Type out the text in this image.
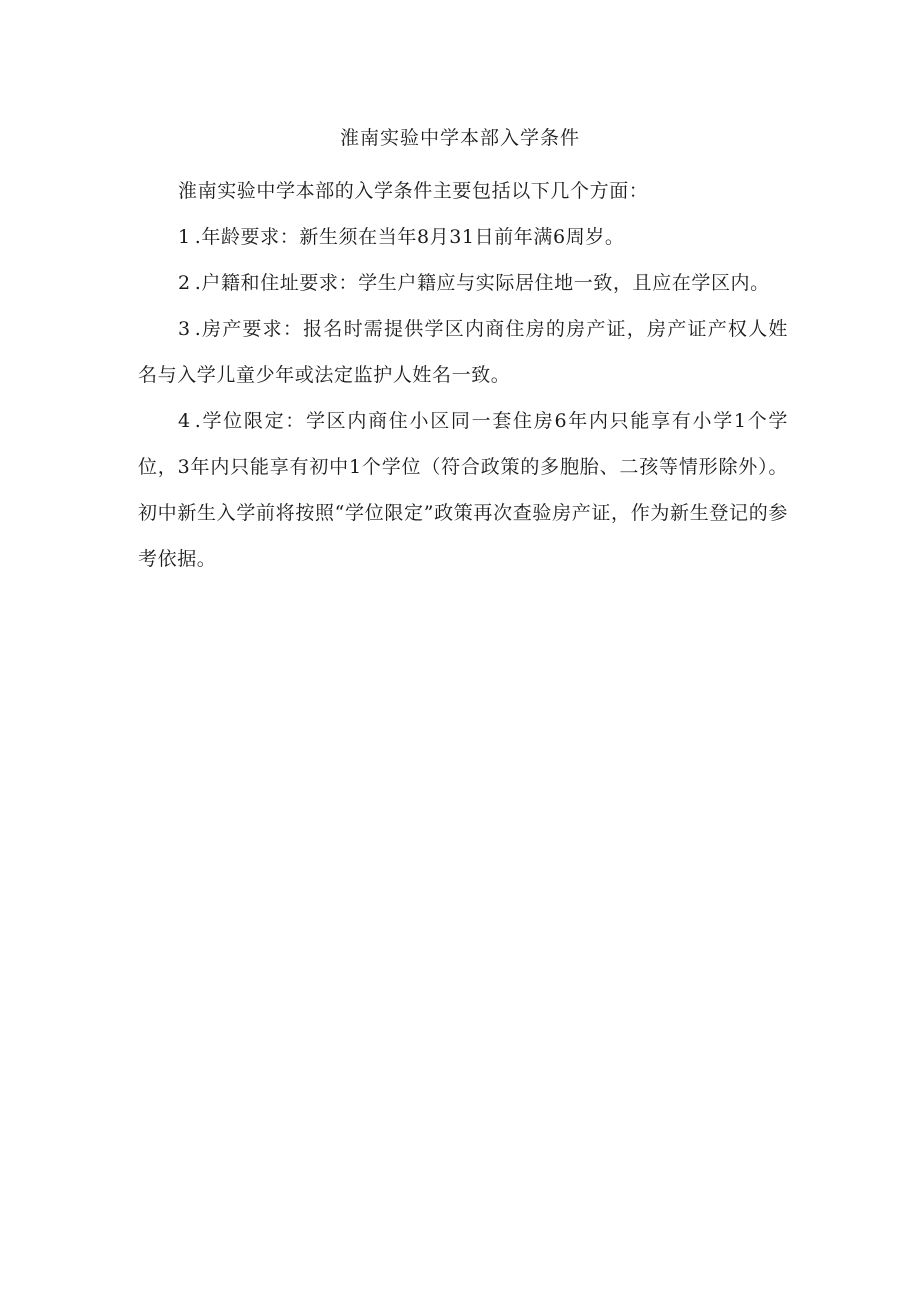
淮南实验中学本部入学条件

淮南实验中学本部的入学条件主要包括以下几个方面：

1 .年龄要求：新生须在当年8月31日前年满6周岁。

2 .户籍和住址要求：学生户籍应与实际居住地一致，且应在学区内。

3 .房产要求：报名时需提供学区内商住房的房产证，房产证产权人姓名与入学儿童少年或法定监护人姓名一致。

4 .学位限定：学区内商住小区同一套住房6年内只能享有小学1个学位，3年内只能享有初中1个学位（符合政策的多胞胎、二孩等情形除外）。初中新生入学前将按照“学位限定”政策再次查验房产证，作为新生登记的参考依据。
